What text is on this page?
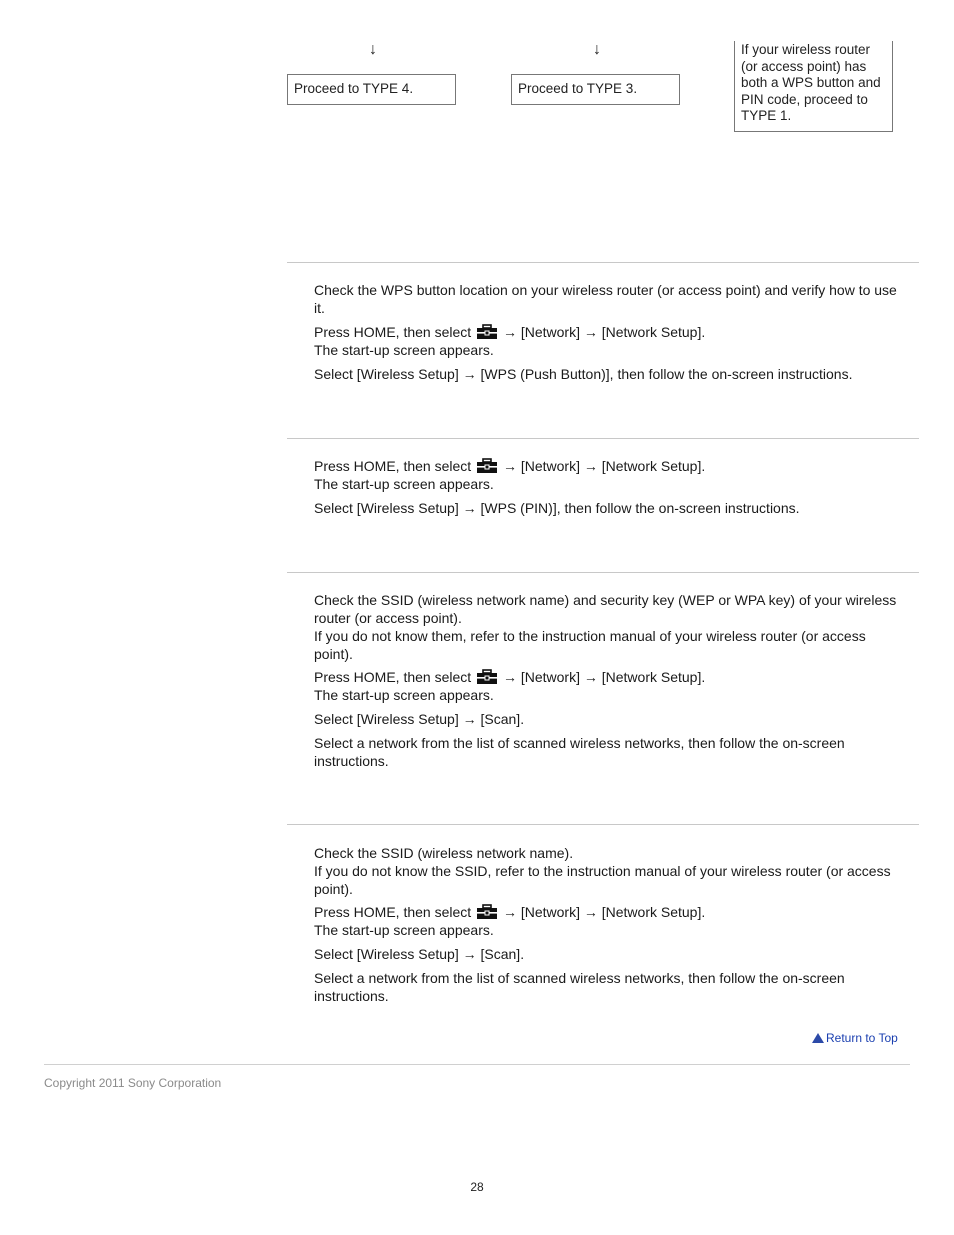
↓	↓
Proceed to TYPE 4.	Proceed to TYPE 3.
If your wireless router (or access point) has both a WPS button and PIN code, proceed to TYPE 1.

Check the WPS button location on your wireless router (or access point) and verify how to use it.

Press HOME, then select → [Network] → [Network Setup].

The start-up screen appears.

Select [Wireless Setup] → [WPS (Push Button)], then follow the on-screen instructions.

Press HOME, then select → [Network] → [Network Setup].

The start-up screen appears.

Select [Wireless Setup] → [WPS (PIN)], then follow the on-screen instructions.

Check the SSID (wireless network name) and security key (WEP or WPA key) of your wireless router (or access point).

If you do not know them, refer to the instruction manual of your wireless router (or access point).

Press HOME, then select → [Network] → [Network Setup].

The start-up screen appears.

Select [Wireless Setup] → [Scan].

Select a network from the list of scanned wireless networks, then follow the on-screen instructions.

Check the SSID (wireless network name).

If you do not know the SSID, refer to the instruction manual of your wireless router (or access point).

Press HOME, then select → [Network] → [Network Setup].

The start-up screen appears.

Select [Wireless Setup] → [Scan].

Select a network from the list of scanned wireless networks, then follow the on-screen instructions.

Return to Top
Copyright 2011 Sony Corporation
28
